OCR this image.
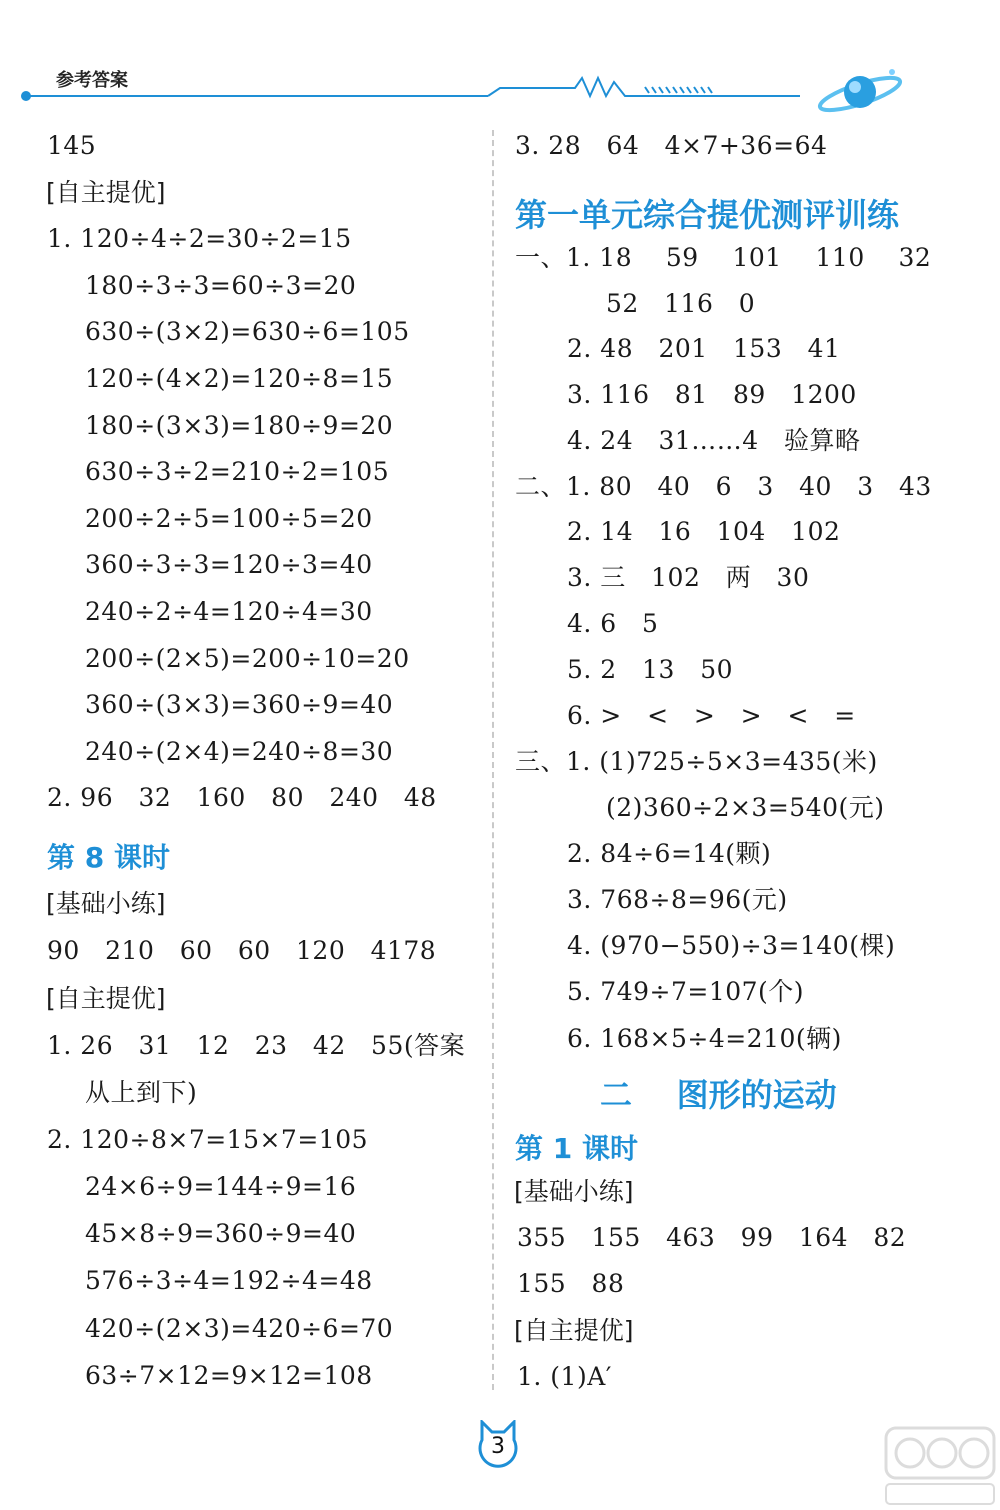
参考答案
145
[自主提优]
1. 120÷4÷2=30÷2=15
180÷3÷3=60÷3=20
630÷(3×2)=630÷6=105
120÷(4×2)=120÷8=15
180÷(3×3)=180÷9=20
630÷3÷2=210÷2=105
200÷2÷5=100÷5=20
360÷3÷3=120÷3=40
240÷2÷4=120÷4=30
200÷(2×5)=200÷10=20
360÷(3×3)=360÷9=40
240÷(2×4)=240÷8=30
2. 96   32   160   80   240   48
第 8 课时
[基础小练]
90   210   60   60   120   4178
[自主提优]
1. 26   31   12   23   42   55(答案
从上到下)
2. 120÷8×7=15×7=105
24×6÷9=144÷9=16
45×8÷9=360÷9=40
576÷3÷4=192÷4=48
420÷(2×3)=420÷6=70
63÷7×12=9×12=108
3. 28   64   4×7+36=64
第一单元综合提优测评训练
一、1. 18    59    101    110    32
52   116   0
2. 48   201   153   41
3. 116   81   89   1200
4. 24   31……4   验算略
二、1. 80   40   6   3   40   3   43
2. 14   16   104   102
3. 三   102   两   30
4. 6   5
5. 2   13   50
6. >   <   >   >   <   =
三、1. (1)725÷5×3=435(米)
(2)360÷2×3=540(元)
2. 84÷6=14(颗)
3. 768÷8=96(元)
4. (970−550)÷3=140(棵)
5. 749÷7=107(个)
6. 168×5÷4=210(辆)
二    图形的运动
第 1 课时
[基础小练]
355   155   463   99   164   82
155   88
[自主提优]
1. (1)A′
3
